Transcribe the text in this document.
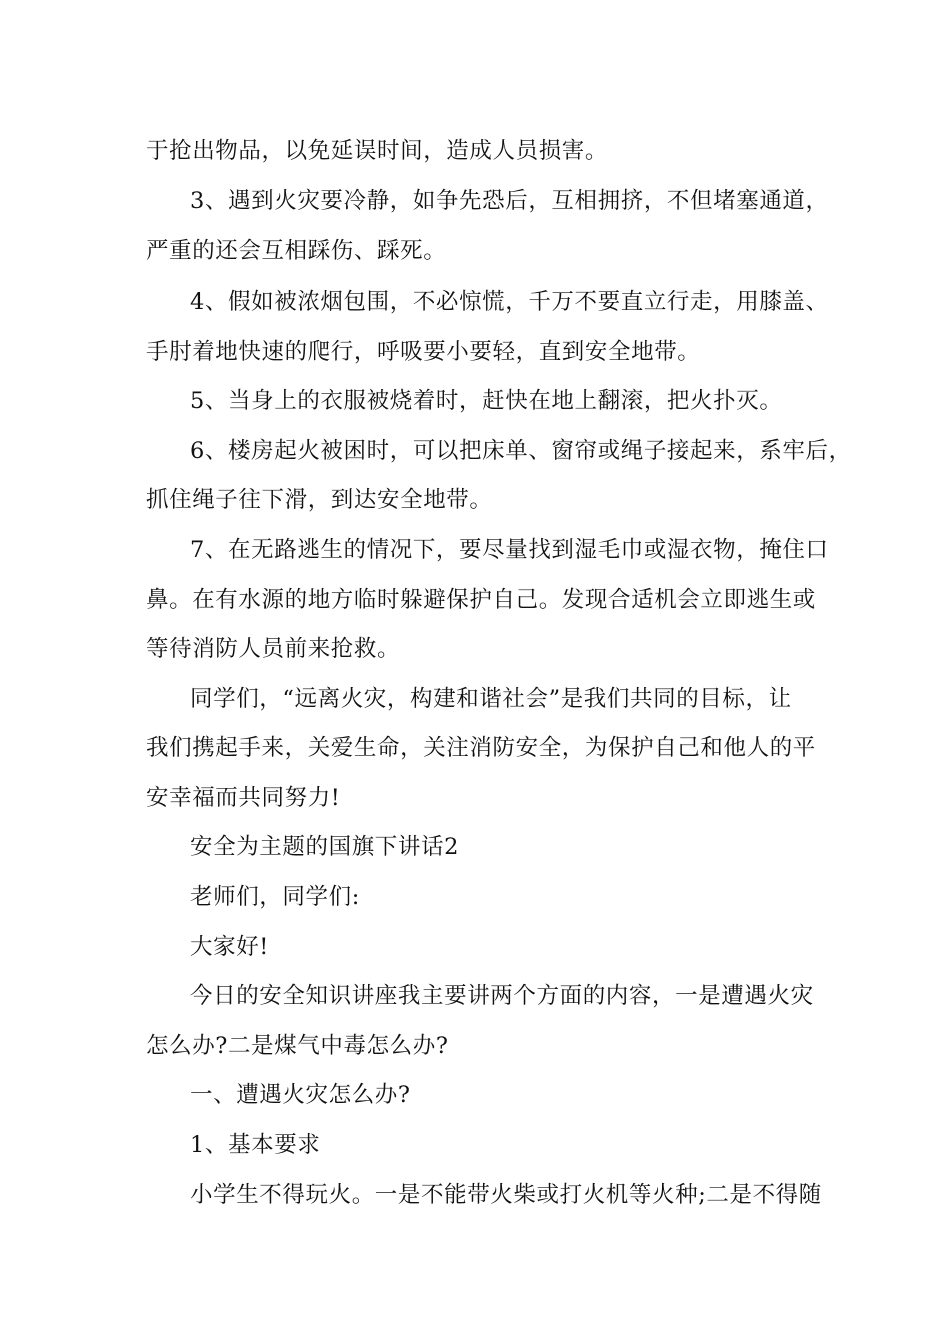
于抢出物品，以免延误时间，造成人员损害。
3、遇到火灾要冷静，如争先恐后，互相拥挤，不但堵塞通道，
严重的还会互相踩伤、踩死。
4、假如被浓烟包围，不必惊慌，千万不要直立行走，用膝盖、
手肘着地快速的爬行，呼吸要小要轻，直到安全地带。
5、当身上的衣服被烧着时，赶快在地上翻滚，把火扑灭。
6、楼房起火被困时，可以把床单、窗帘或绳子接起来，系牢后，
抓住绳子往下滑，到达安全地带。
7、在无路逃生的情况下，要尽量找到湿毛巾或湿衣物，掩住口
鼻。在有水源的地方临时躲避保护自己。发现合适机会立即逃生或
等待消防人员前来抢救。
同学们，“远离火灾，构建和谐社会”是我们共同的目标，让
我们携起手来，关爱生命，关注消防安全，为保护自己和他人的平
安幸福而共同努力!
安全为主题的国旗下讲话2
老师们，同学们:
大家好!
今日的安全知识讲座我主要讲两个方面的内容，一是遭遇火灾
怎么办?二是煤气中毒怎么办?
一、遭遇火灾怎么办?
1、基本要求
小学生不得玩火。一是不能带火柴或打火机等火种;二是不得随
